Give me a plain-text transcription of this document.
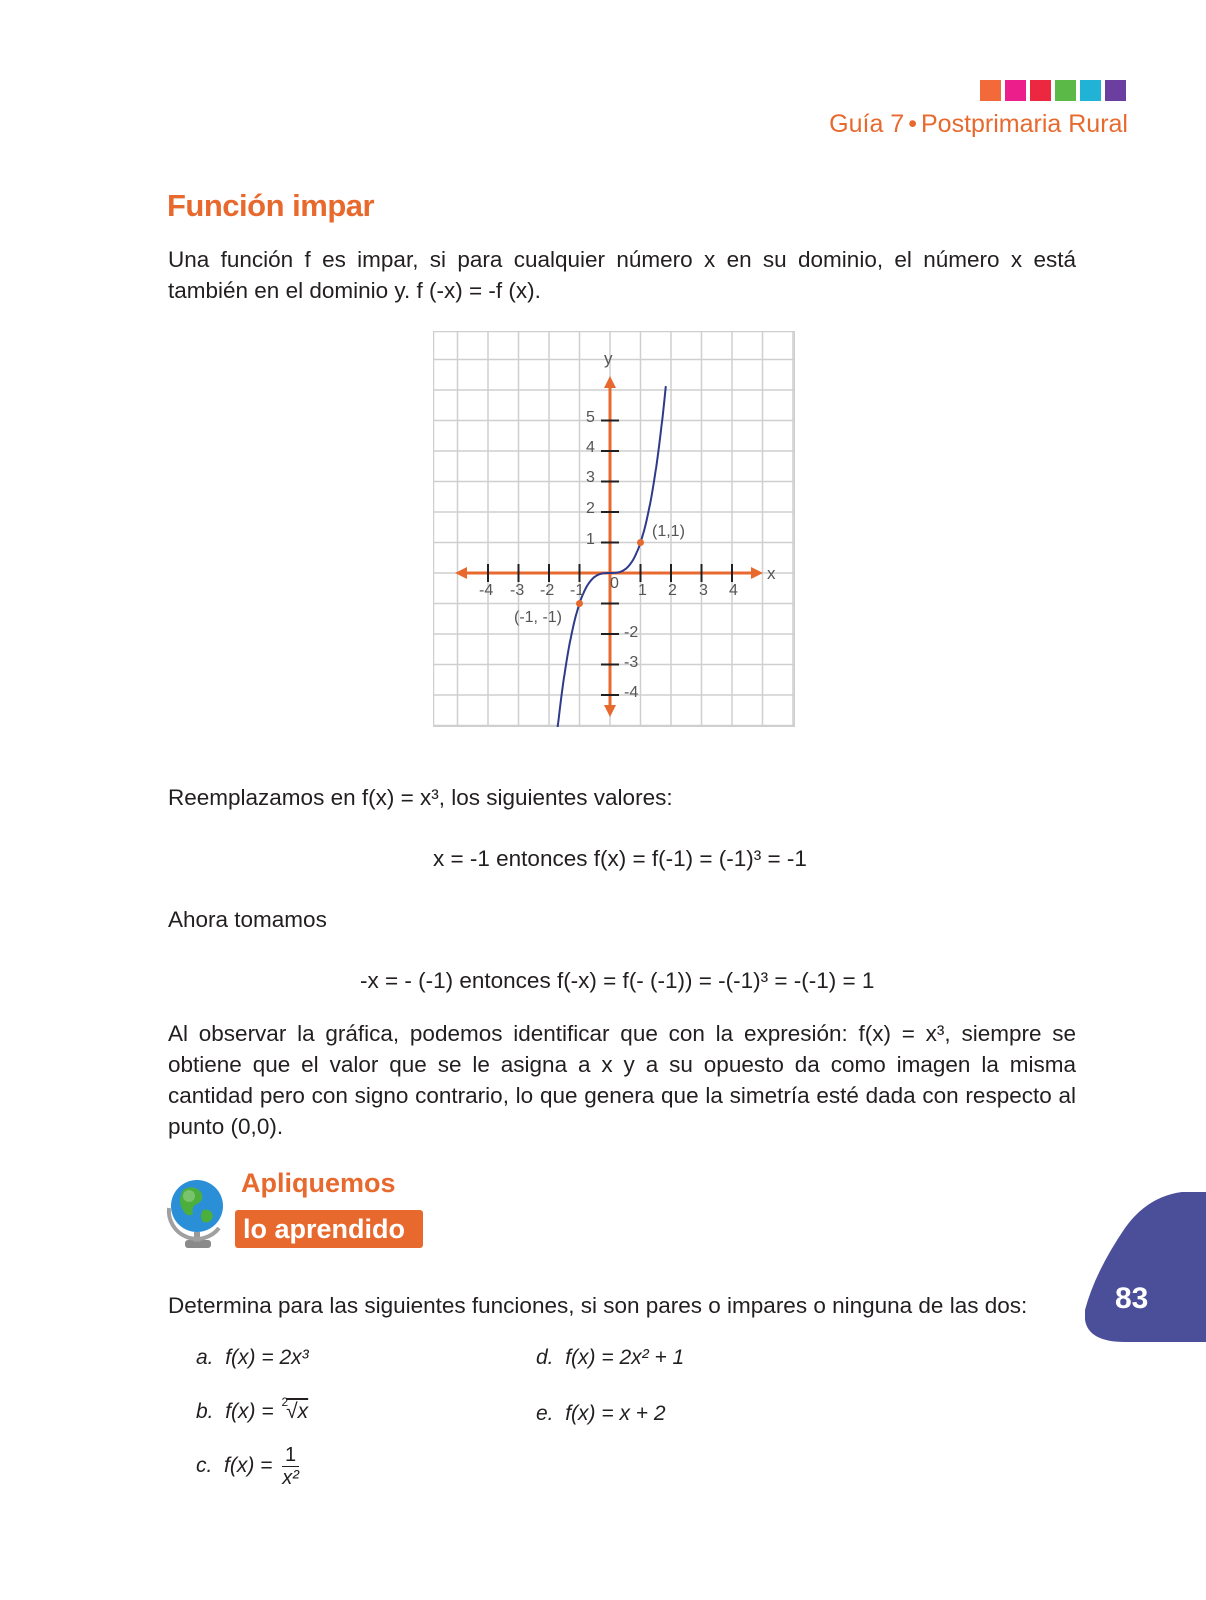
Guía 7 • Postprimaria Rural
Función impar

Una función f es impar, si para cualquier número x en su dominio, el número x está también en el dominio y. f (-x) = -f (x).

y
x
0
5
4
3
2
1
-2
-3
-4
-4 -3 -2 -1	1 2 3 4
(1,1)
(-1, -1)

Reemplazamos en f(x) = x³, los siguientes valores:

x = -1 entonces f(x) = f(-1) = (-1)³ = -1

Ahora tomamos

-x = - (-1) entonces f(-x) = f(- (-1)) = -(-1)³ = -(-1) = 1

Al observar la gráfica, podemos identificar que con la expresión: f(x) = x³, siempre se obtiene que el valor que se le asigna a x y a su opuesto da como imagen la misma cantidad pero con signo contrario, lo que genera que la simetría esté dada con respecto al punto (0,0).

Apliquemos
lo aprendido
83

Determina para las siguientes funciones, si son pares o impares o ninguna de las dos:

a. f(x) = 2x³	d. f(x) = 2x² + 1
b. f(x) = $^2$√x	e. f(x) = x + 2
c. $f(x) = \frac{1}{\text{x²}}$
